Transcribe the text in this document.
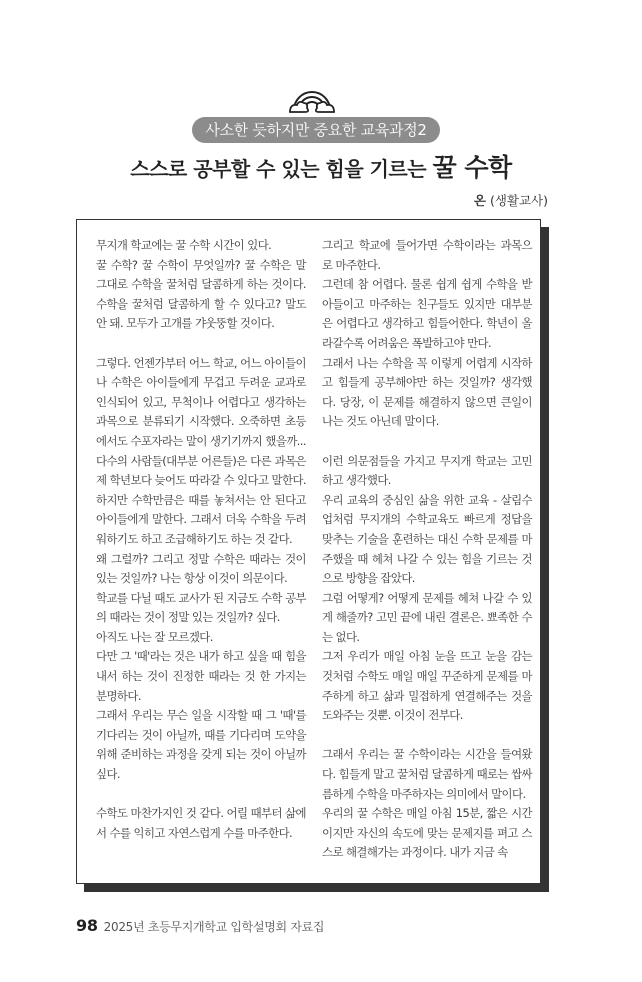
사소한 듯하지만 중요한 교육과정2
스스로 공부할 수 있는 힘을 기르는 꿀 수학
온 (생활교사)

무지개 학교에는 꿀 수학 시간이 있다.

꿀 수학? 꿀 수학이 무엇일까? 꿀 수학은 말 그대로 수학을 꿀처럼 달콤하게 하는 것이다. 수학을 꿀처럼 달콤하게 할 수 있다고? 말도 안 돼. 모두가 고개를 갸웃뚱할 것이다.

그렇다. 언젠가부터 어느 학교, 어느 아이들이나 수학은 아이들에게 무겁고 두려운 교과로 인식되어 있고, 무척이나 어렵다고 생각하는 과목으로 분류되기 시작했다. 오죽하면 초등에서도 수포자라는 말이 생기기까지 했을까... 다수의 사람들(대부분 어른들)은 다른 과목은 제 학년보다 늦어도 따라갈 수 있다고 말한다. 하지만 수학만큼은 때를 놓쳐서는 안 된다고 아이들에게 말한다. 그래서 더욱 수학을 두려워하기도 하고 조급해하기도 하는 것 같다.

왜 그럴까? 그리고 정말 수학은 때라는 것이 있는 것일까? 나는 항상 이것이 의문이다.

학교를 다닐 때도 교사가 된 지금도 수학 공부의 때라는 것이 정말 있는 것일까? 싶다.

아직도 나는 잘 모르겠다.

다만 그 '때'라는 것은 내가 하고 싶을 때 힘을 내서 하는 것이 진정한 때라는 것 한 가지는 분명하다.

그래서 우리는 무슨 일을 시작할 때 그 '때'를 기다리는 것이 아닐까, 때를 기다리며 도약을 위해 준비하는 과정을 갖게 되는 것이 아닐까 싶다.

수학도 마찬가지인 것 같다. 어릴 때부터 삶에서 수를 익히고 자연스럽게 수를 마주한다.

그리고 학교에 들어가면 수학이라는 과목으로 마주한다.

그런데 참 어렵다. 물론 쉽게 쉽게 수학을 받아들이고 마주하는 친구들도 있지만 대부분은 어렵다고 생각하고 힘들어한다. 학년이 올라갈수록 어려움은 폭발하고야 만다.

그래서 나는 수학을 꼭 이렇게 어렵게 시작하고 힘들게 공부해야만 하는 것일까? 생각했다. 당장, 이 문제를 해결하지 않으면 큰일이 나는 것도 아닌데 말이다.

이런 의문점들을 가지고 무지개 학교는 고민하고 생각했다.

우리 교육의 중심인 삶을 위한 교육 - 살림수업처럼 무지개의 수학교육도 빠르게 정답을 맞추는 기술을 훈련하는 대신 수학 문제를 마주했을 때 헤쳐 나갈 수 있는 힘을 기르는 것으로 방향을 잡았다.

그럼 어떻게? 어떻게 문제를 헤쳐 나갈 수 있게 해줄까? 고민 끝에 내린 결론은. 뾰족한 수는 없다.

그저 우리가 매일 아침 눈을 뜨고 눈을 감는 것처럼 수학도 매일 매일 꾸준하게 문제를 마주하게 하고 삶과 밀접하게 연결해주는 것을 도와주는 것뿐. 이것이 전부다.

그래서 우리는 꿀 수학이라는 시간을 들여왔다. 힘들게 말고 꿀처럼 달콤하게 때로는 쌉싸름하게 수학을 마주하자는 의미에서 말이다.

우리의 꿀 수학은 매일 아침 15분, 짧은 시간이지만 자신의 속도에 맞는 문제지를 펴고 스스로 해결해가는 과정이다. 내가 지금 속

98 2025년 초등무지개학교 입학설명회 자료집
